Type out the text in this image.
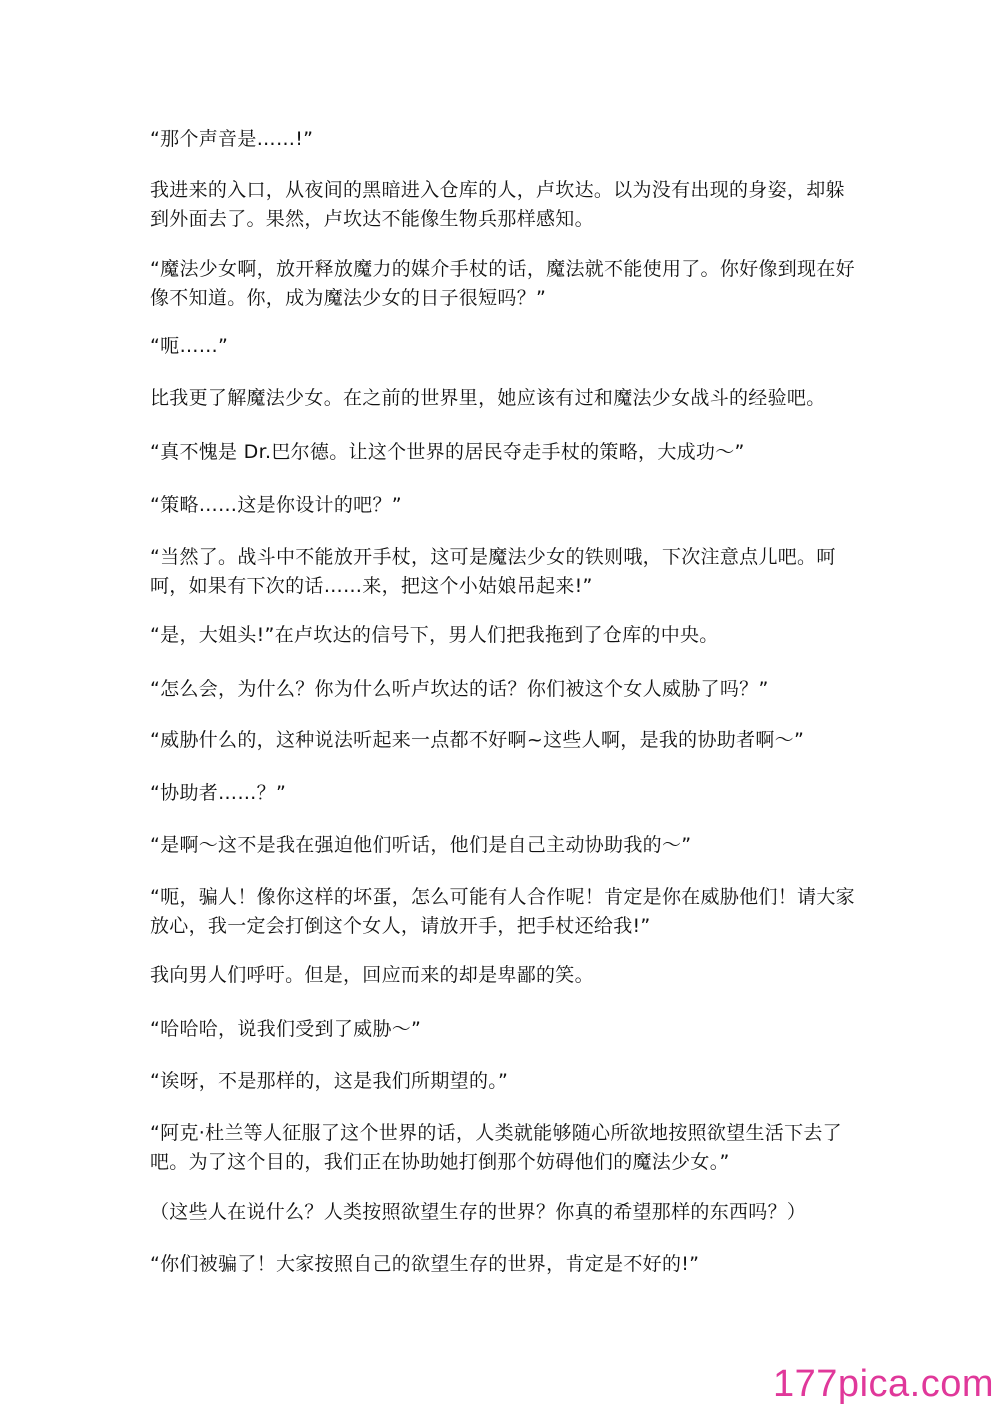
“那个声音是……!”

我进来的入口，从夜间的黑暗进入仓库的人，卢坎达。以为没有出现的身姿，却躲到外面去了。果然，卢坎达不能像生物兵那样感知。

“魔法少女啊，放开释放魔力的媒介手杖的话，魔法就不能使用了。你好像到现在好像不知道。你，成为魔法少女的日子很短吗？”

“呃……”

比我更了解魔法少女。在之前的世界里，她应该有过和魔法少女战斗的经验吧。

“真不愧是 Dr.巴尔德。让这个世界的居民夺走手杖的策略，大成功～”

“策略……这是你设计的吧？”

“当然了。战斗中不能放开手杖，这可是魔法少女的铁则哦，下次注意点儿吧。呵呵，如果有下次的话……来，把这个小姑娘吊起来!”

“是，大姐头!”在卢坎达的信号下，男人们把我拖到了仓库的中央。

“怎么会，为什么？你为什么听卢坎达的话？你们被这个女人威胁了吗？”

“威胁什么的，这种说法听起来一点都不好啊~这些人啊，是我的协助者啊～”

“协助者……？”

“是啊～这不是我在强迫他们听话，他们是自己主动协助我的～”

“呃，骗人！像你这样的坏蛋，怎么可能有人合作呢！肯定是你在威胁他们！请大家放心，我一定会打倒这个女人，请放开手，把手杖还给我!”

我向男人们呼吁。但是，回应而来的却是卑鄙的笑。

“哈哈哈，说我们受到了威胁～”

“诶呀，不是那样的，这是我们所期望的。”

“阿克·杜兰等人征服了这个世界的话，人类就能够随心所欲地按照欲望生活下去了吧。为了这个目的，我们正在协助她打倒那个妨碍他们的魔法少女。”

（这些人在说什么？人类按照欲望生存的世界？你真的希望那样的东西吗？）

“你们被骗了！大家按照自己的欲望生存的世界，肯定是不好的!”

177pica.com
